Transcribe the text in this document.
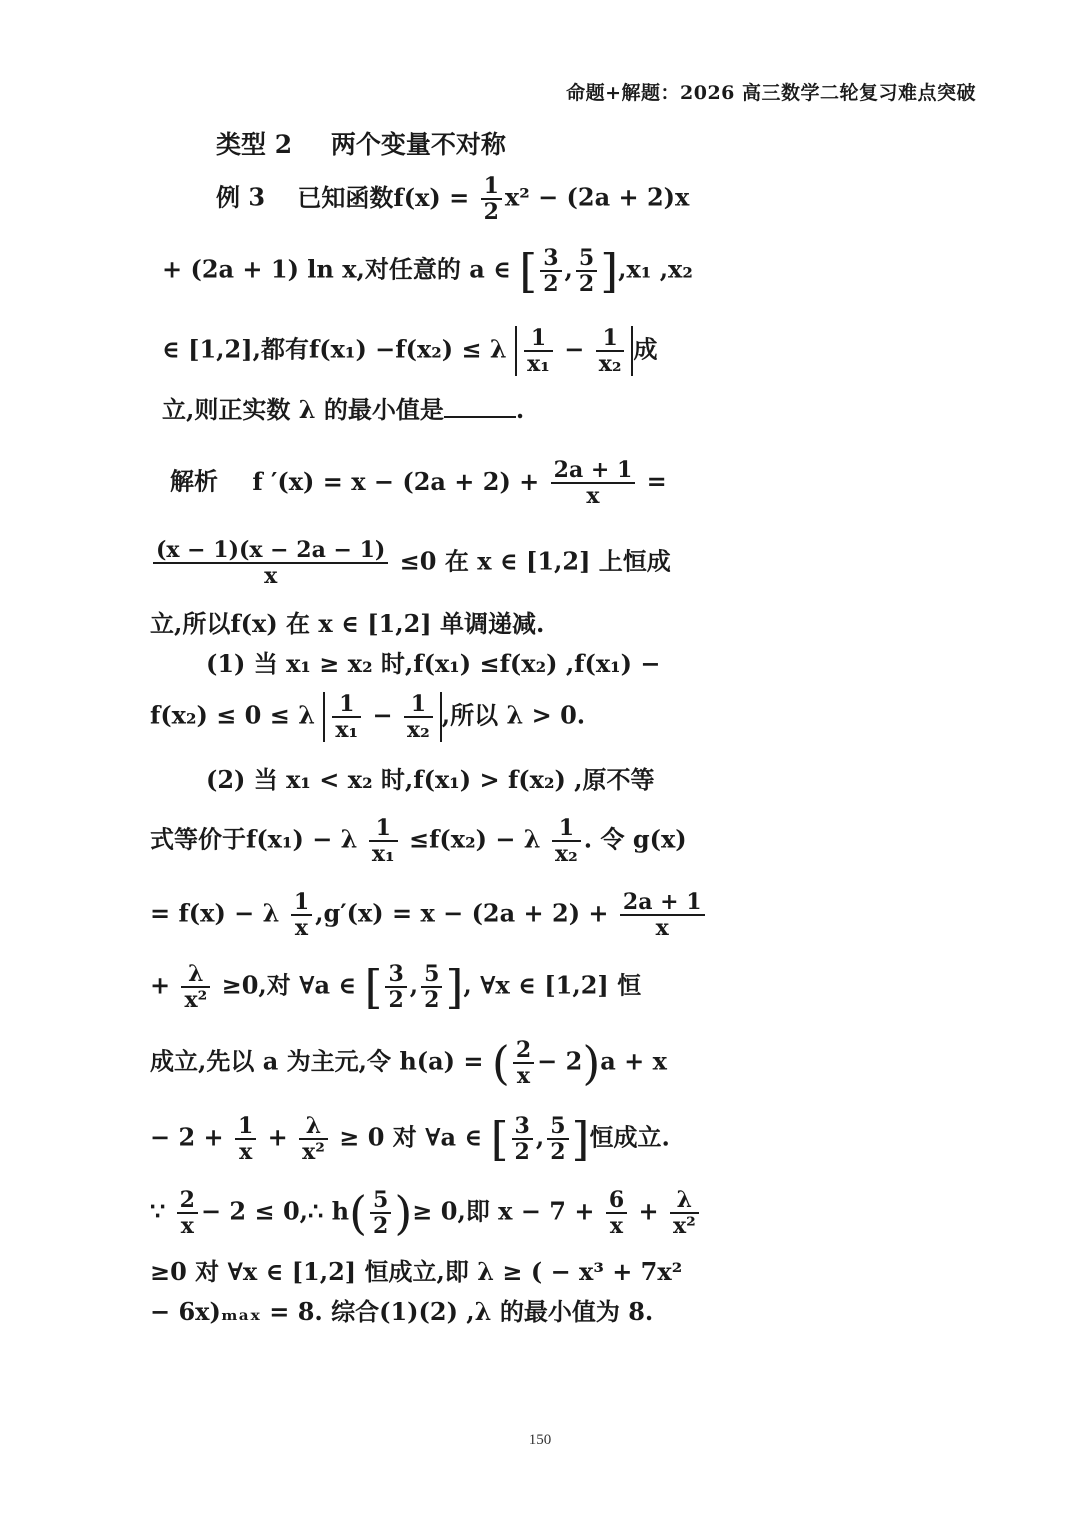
命题+解题：2026 高三数学二轮复习难点突破
类型 2 两个变量不对称
例 3 已知函数$f(x) = \frac{1}{2} x^2 - (2a + 2)x$
+ (2a + 1) ln x,对任意的 a ∈ [ $\frac{3}{2}$ , $\frac{5}{2} ],x_1$ ,x₂
∈ [1,2],都有f(x₁) −f(x₂) ≤ λ $\frac{1}{\text{x₁}} - \frac{1}{\text{x₂}}$ 成
立,则正实数 λ 的最小值是	.
解析 f $'(x) = x - (2a + 2) + \frac{2a + 1}{x}$ =
$\frac{(x - 1)(x - 2a - 1)}{x} \le 0$ 在 x ∈ [1,2] 上恒成
立,所以f(x) 在 x ∈ [1,2] 单调递减.
(1) 当 x₁ ≥ x₂ 时,f(x₁) ≤f(x₂) ,f(x₁) −
f(x₂) ≤ 0 ≤ λ $\frac{1}{\text{x₁}} - \frac{1}{\text{x₂}}$ ,所以 λ > 0.
(2) 当 x₁ < x₂ 时,f(x₁) > f(x₂) ,原不等
式等价于f(x₁) − λ $\frac{1}{\text{x₁}} \le f(x_2) - \lambda \frac{1}{\text{x₂}}$ . 令 g(x)
= f(x) − λ $\frac{1}{x} ,g'(x) = x - (2a + 2) + \frac{2a + 1}{x}$
+ $\frac{\lambda}{\text{x²}} \ge 0$,对 ∀a ∈ [ $\frac{3}{2}$ , $\frac{5}{2}$ ], ∀x ∈ [1,2] 恒
成立,先以 a 为主元,令 h(a) = ( $\frac{2}{x} - 2)a + x$
− $2 + \frac{1}{x} + \frac{\lambda}{\text{x²}} \ge 0$ 对 ∀a ∈ [ $\frac{3}{2}$ , $\frac{5}{2}$ ]恒成立.
∵ $\frac{2}{x} - 2$ ≤ 0,∴ $h( \frac{5}{2}$ )≥ 0,即 $x - 7 + \frac{6}{x} + \frac{\lambda}{\text{x²}}$
≥0 对 ∀x ∈ [1,2] 恒成立,即 λ ≥ ( − x³ + 7x²
− 6x)ₘₐₓ = 8. 综合(1)(2) ,λ 的最小值为 8.
150
